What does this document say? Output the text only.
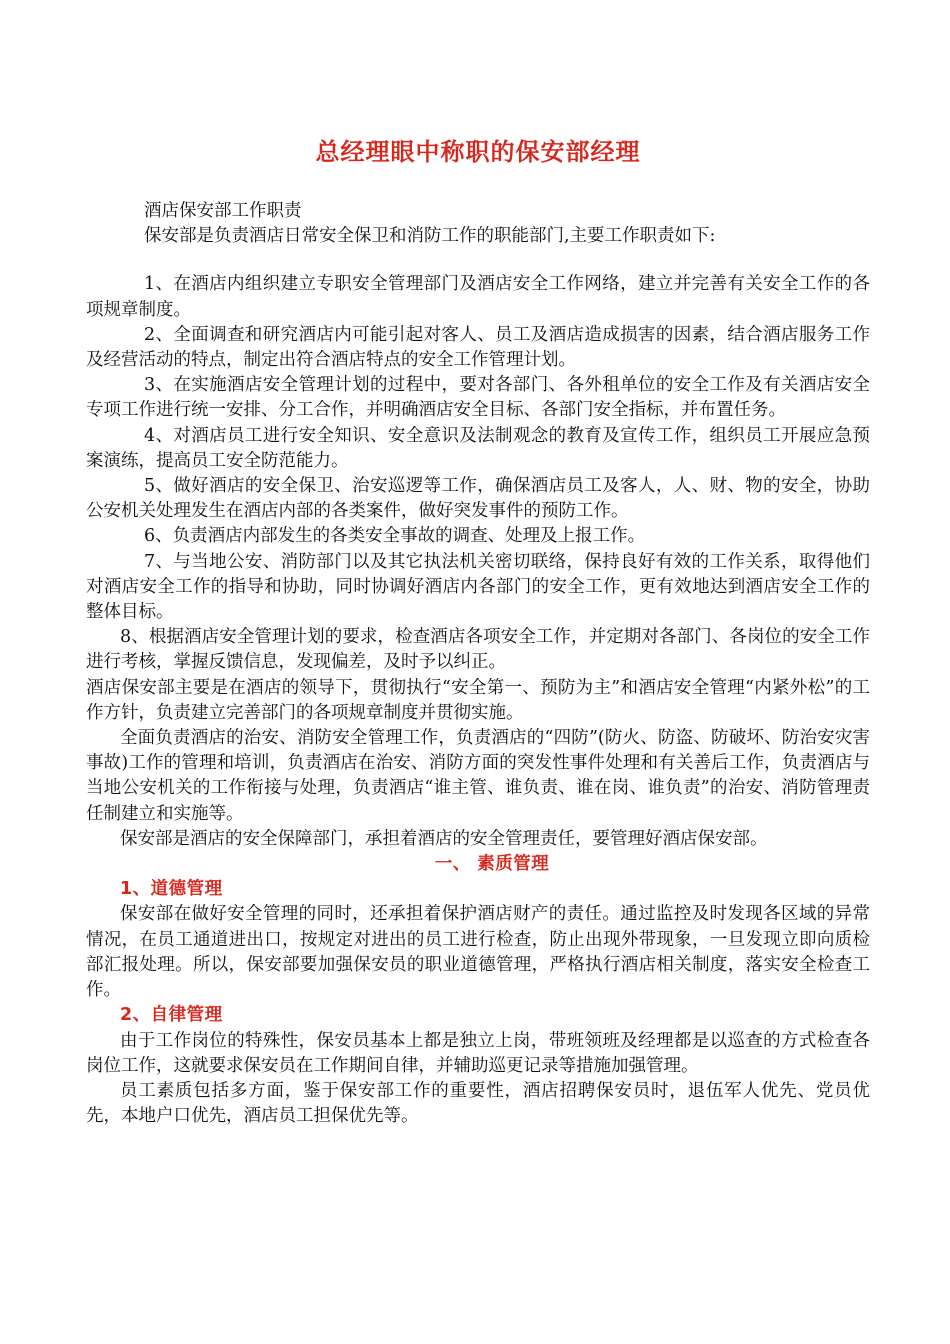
总经理眼中称职的保安部经理

酒店保安部工作职责

保安部是负责酒店日常安全保卫和消防工作的职能部门,主要工作职责如下:

1、在酒店内组织建立专职安全管理部门及酒店安全工作网络，建立并完善有关安全工作的各项规章制度。

2、全面调查和研究酒店内可能引起对客人、员工及酒店造成损害的因素，结合酒店服务工作及经营活动的特点，制定出符合酒店特点的安全工作管理计划。

3、在实施酒店安全管理计划的过程中，要对各部门、各外租单位的安全工作及有关酒店安全专项工作进行统一安排、分工合作，并明确酒店安全目标、各部门安全指标，并布置任务。

4、对酒店员工进行安全知识、安全意识及法制观念的教育及宣传工作，组织员工开展应急预案演练，提高员工安全防范能力。

5、做好酒店的安全保卫、治安巡逻等工作，确保酒店员工及客人，人、财、物的安全，协助公安机关处理发生在酒店内部的各类案件，做好突发事件的预防工作。

6、负责酒店内部发生的各类安全事故的调查、处理及上报工作。

7、与当地公安、消防部门以及其它执法机关密切联络，保持良好有效的工作关系，取得他们对酒店安全工作的指导和协助，同时协调好酒店内各部门的安全工作，更有效地达到酒店安全工作的整体目标。

8、根据酒店安全管理计划的要求，检查酒店各项安全工作，并定期对各部门、各岗位的安全工作进行考核，掌握反馈信息，发现偏差，及时予以纠正。

酒店保安部主要是在酒店的领导下，贯彻执行“安全第一、预防为主”和酒店安全管理“内紧外松”的工作方针，负责建立完善部门的各项规章制度并贯彻实施。

全面负责酒店的治安、消防安全管理工作，负责酒店的“四防”(防火、防盗、防破坏、防治安灾害事故)工作的管理和培训，负责酒店在治安、消防方面的突发性事件处理和有关善后工作，负责酒店与当地公安机关的工作衔接与处理，负责酒店“谁主管、谁负责、谁在岗、谁负责”的治安、消防管理责任制建立和实施等。

保安部是酒店的安全保障部门，承担着酒店的安全管理责任，要管理好酒店保安部。

一、 素质管理

1、道德管理

保安部在做好安全管理的同时，还承担着保护酒店财产的责任。通过监控及时发现各区域的异常情况，在员工通道进出口，按规定对进出的员工进行检查，防止出现外带现象，一旦发现立即向质检部汇报处理。所以，保安部要加强保安员的职业道德管理，严格执行酒店相关制度，落实安全检查工作。

2、自律管理

由于工作岗位的特殊性，保安员基本上都是独立上岗，带班领班及经理都是以巡查的方式检查各岗位工作，这就要求保安员在工作期间自律，并辅助巡更记录等措施加强管理。

员工素质包括多方面，鉴于保安部工作的重要性，酒店招聘保安员时，退伍军人优先、党员优先，本地户口优先，酒店员工担保优先等。
